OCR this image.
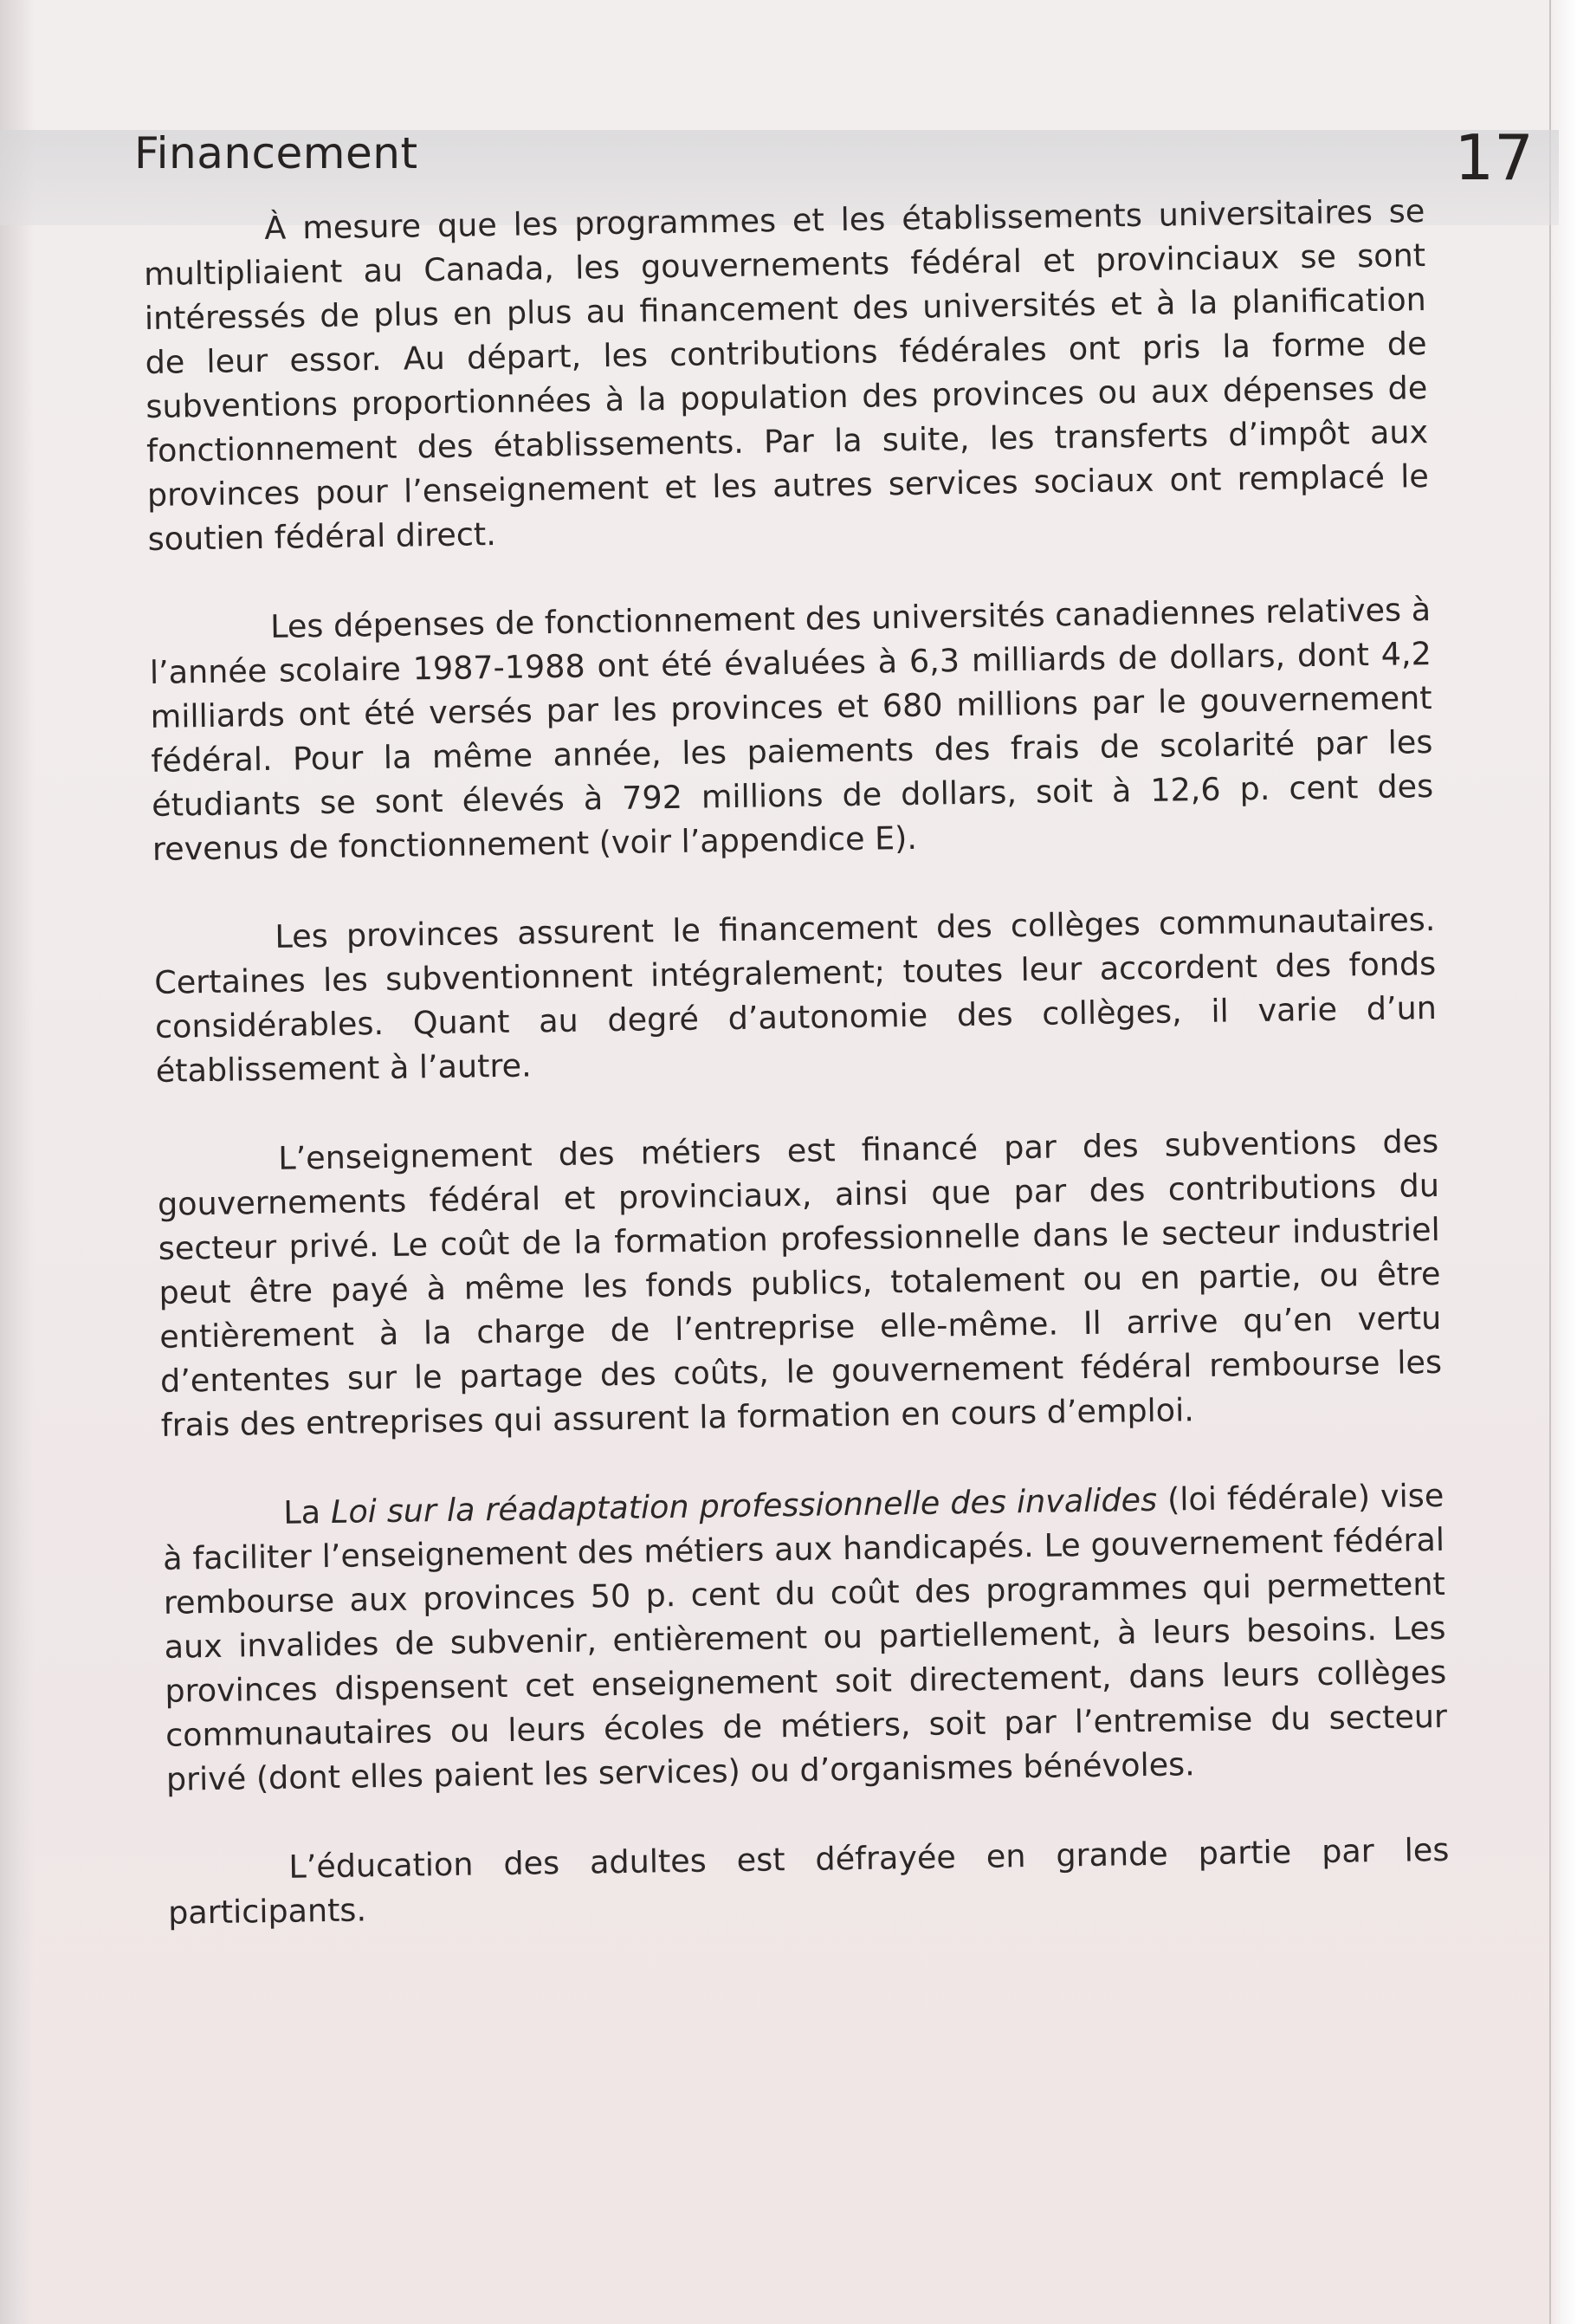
Financement	17

À mesure que les programmes et les établissements universitaires se multipliaient au Canada, les gouvernements fédéral et provinciaux se sont intéressés de plus en plus au financement des universités et à la planification de leur essor. Au départ, les contributions fédérales ont pris la forme de subventions proportionnées à la population des provinces ou aux dépenses de fonctionnement des établissements. Par la suite, les transferts d’impôt aux provinces pour l’enseignement et les autres services sociaux ont remplacé le soutien fédéral direct.

Les dépenses de fonctionnement des universités canadiennes relatives à l’année scolaire 1987-1988 ont été évaluées à 6,3 milliards de dollars, dont 4,2 milliards ont été versés par les provinces et 680 millions par le gouvernement fédéral. Pour la même année, les paiements des frais de scolarité par les étudiants se sont élevés à 792 millions de dollars, soit à 12,6 p. cent des revenus de fonctionnement (voir l’appendice E).

Les provinces assurent le financement des collèges communautaires. Certaines les subventionnent intégralement; toutes leur accordent des fonds considérables. Quant au degré d’autonomie des collèges, il varie d’un établissement à l’autre.

L’enseignement des métiers est financé par des subventions des gouvernements fédéral et provinciaux, ainsi que par des contributions du secteur privé. Le coût de la formation professionnelle dans le secteur industriel peut être payé à même les fonds publics, totalement ou en partie, ou être entièrement à la charge de l’entreprise elle-même. Il arrive qu’en vertu d’ententes sur le partage des coûts, le gouvernement fédéral rembourse les frais des entreprises qui assurent la formation en cours d’emploi.

La Loi sur la réadaptation professionnelle des invalides (loi fédérale) vise à faciliter l’enseignement des métiers aux handicapés. Le gouvernement fédéral rembourse aux provinces 50 p. cent du coût des programmes qui permettent aux invalides de subvenir, entièrement ou partiellement, à leurs besoins. Les provinces dispensent cet enseignement soit directement, dans leurs collèges communautaires ou leurs écoles de métiers, soit par l’entremise du secteur privé (dont elles paient les services) ou d’organismes bénévoles.

L’éducation des adultes est défrayée en grande partie par les participants.
